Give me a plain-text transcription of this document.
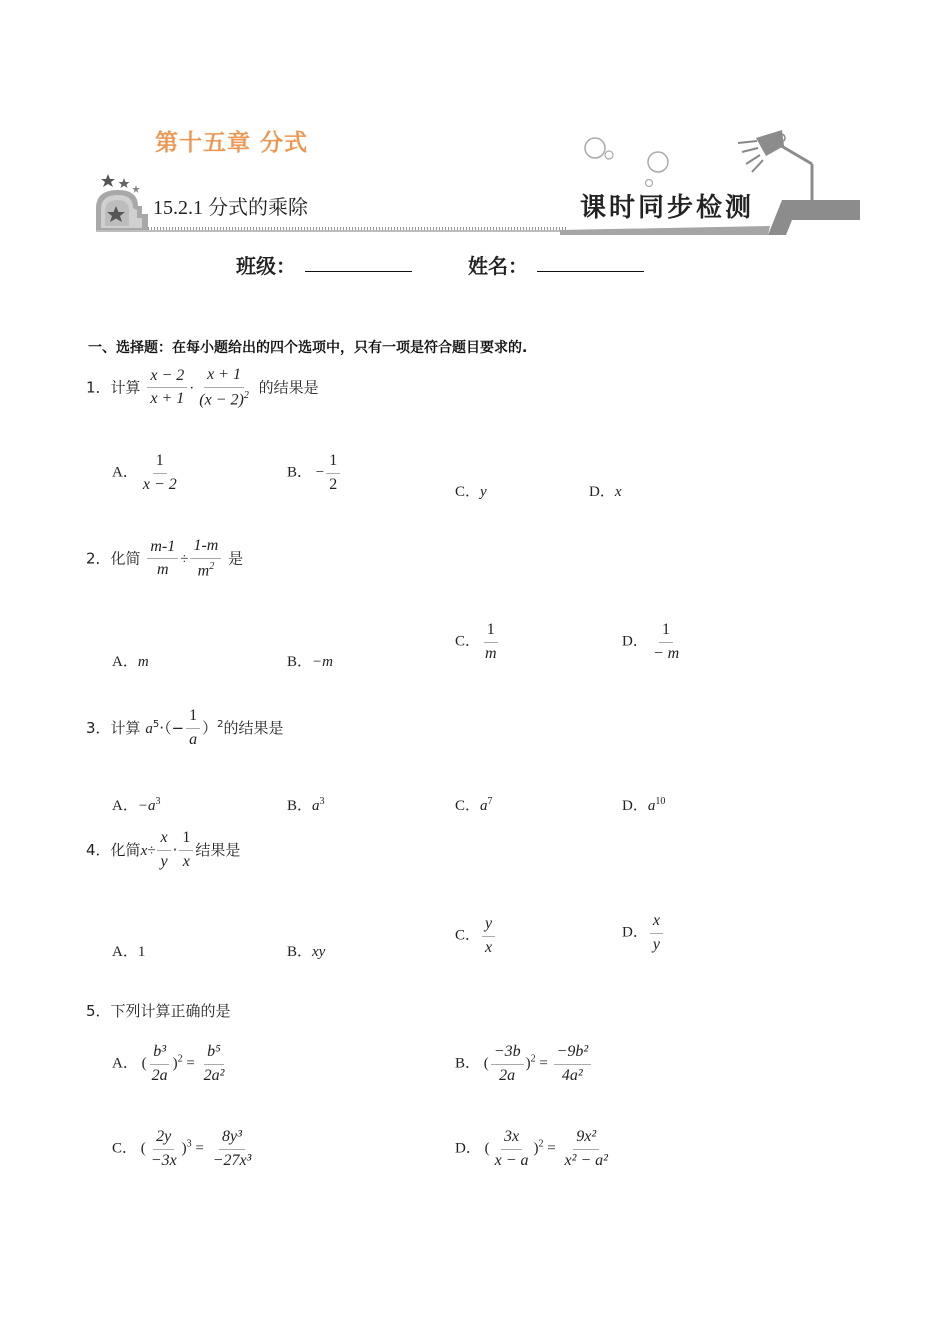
第十五章 分式
15.2.1 分式的乘除	课时同步检测
班级：	姓名：
一、选择题：在每小题给出的四个选项中，只有一项是符合题目要求的.
1．计算 $\frac{x - 2}{x + 1} \cdot \frac{x + 1}{(x - 2)^2}$ 的结果是
A． $\frac{1}{x - 2}$	B． − $\frac{1}{2}$	C．y	D．x
2．化简 $\frac{m-1}{m} \div \frac{1-m}{m^2}$ 是
A．m	B．−m
C． $\frac{1}{m}$	D． $\frac{1}{- m}$
3．计算 $a^5\cdot(- \frac{1}{a} )^2$的结果是
A．$-a^3$	B．$a^3$	C．$a^7$	D．$a^{10}$
4．化简$x\div \frac{x}{y} \cdot \frac{1}{x}$ 结果是
A．1	B．xy
C． $\frac{y}{x}$	D． $\frac{x}{y}$
5．下列计算正确的是
A． ( $\frac{\text{b³}}{2a} )^2 = \frac{\text{b⁵}}{\text{2a²}}$	B． ( $\frac{-3b}{2a} )^2 = \frac{\text{−9b²}}{\text{4a²}}$
C． ( $\frac{2y}{-3x} )^3 = \frac{\text{8y³}}{\text{−27x³}}$	D． ( $\frac{3x}{x - a} )^2 = \frac{\text{9x²}}{\text{x² − a²}}$
